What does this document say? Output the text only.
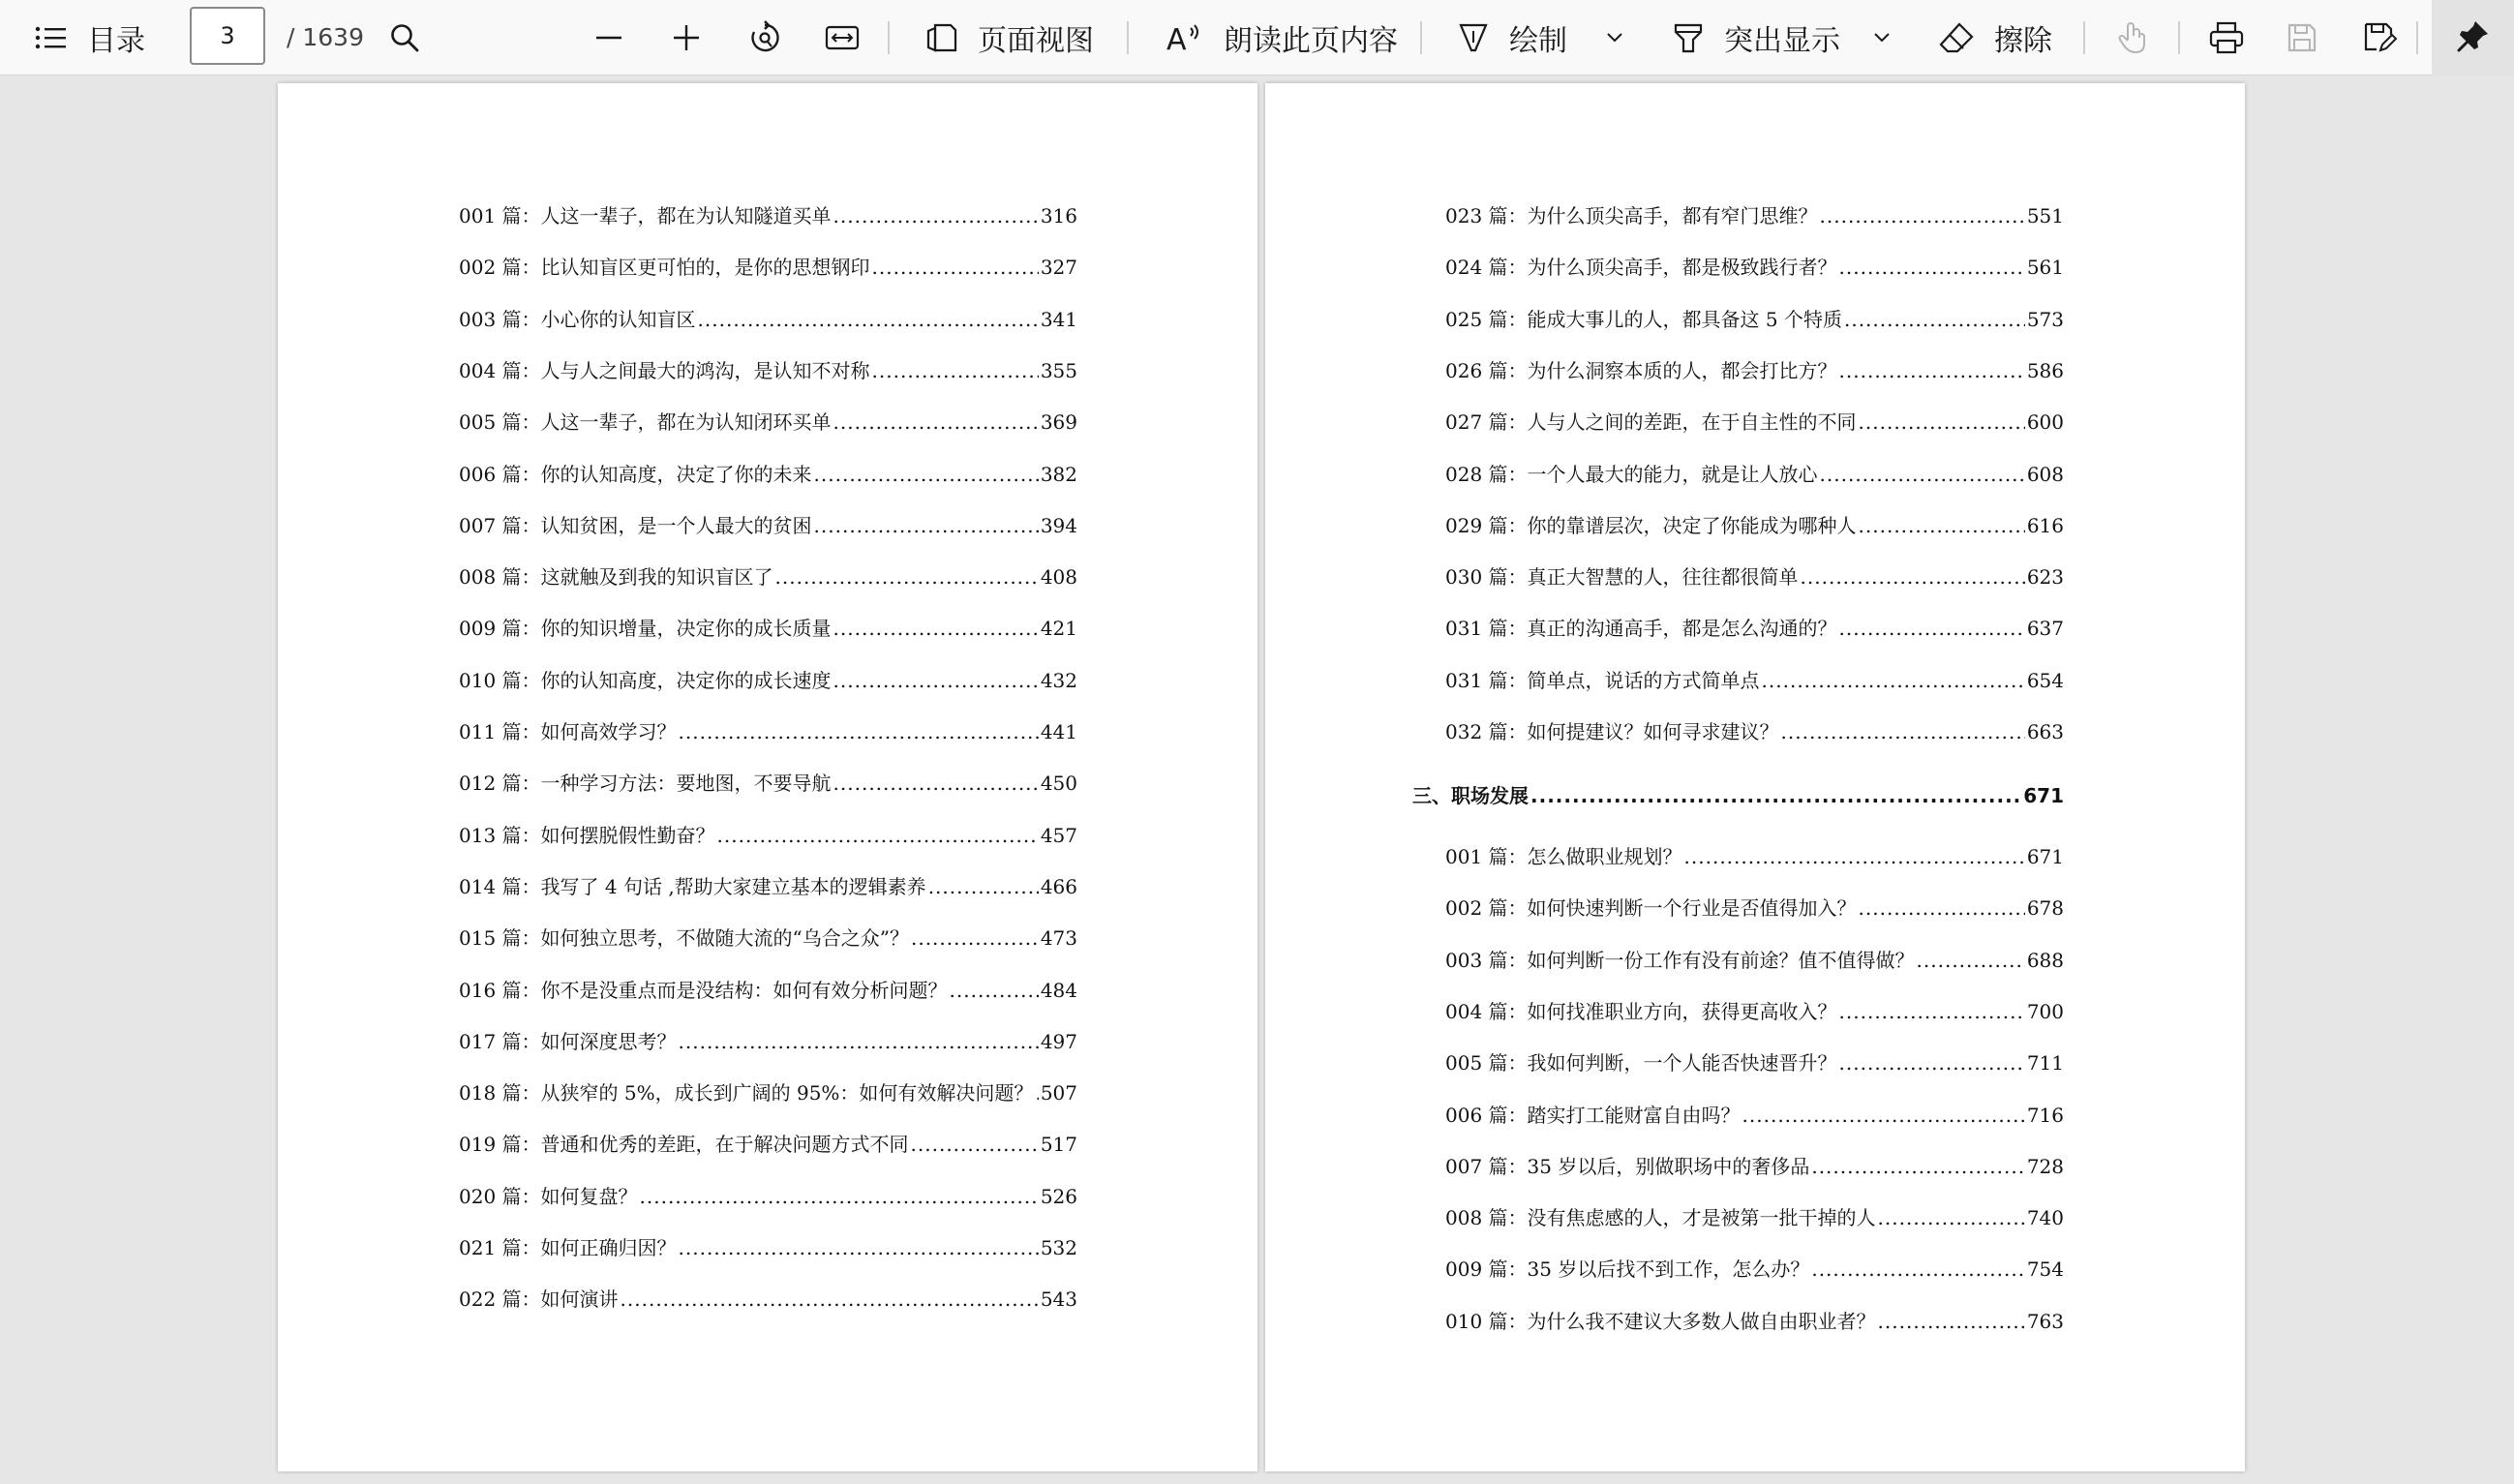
目录
3	/ 1639	页面视图	A 朗读此页内容	绘制	突出显示	擦除
001 篇：人这一辈子，都在为认知隧道买单 .....	316
002 篇：比认知盲区更可怕的，是你的思想钢印 .....	327
003 篇：小心你的认知盲区 .....	341
004 篇：人与人之间最大的鸿沟，是认知不对称 .....	355
005 篇：人这一辈子，都在为认知闭环买单 .....	369
006 篇：你的认知高度，决定了你的未来 .....	382
007 篇：认知贫困，是一个人最大的贫困 .....	394
008 篇：这就触及到我的知识盲区了 .....	408
009 篇：你的知识增量，决定你的成长质量 .....	421
010 篇：你的认知高度，决定你的成长速度 .....	432
011 篇：如何高效学习？ .....	441
012 篇：一种学习方法：要地图，不要导航 .....	450
013 篇：如何摆脱假性勤奋？ .....	457
014 篇：我写了 4 句话 ,帮助大家建立基本的逻辑素养 .....	466
015 篇：如何独立思考，不做随大流的“乌合之众”？ .....	473
016 篇：你不是没重点而是没结构：如何有效分析问题？ .....	484
017 篇：如何深度思考？ .....	497
018 篇：从狭窄的 5%，成长到广阔的 95%：如何有效解决问题？ ..... 507
019 篇：普通和优秀的差距，在于解决问题方式不同 .....	517
020 篇：如何复盘？ .....	526
021 篇：如何正确归因？ .....	532
022 篇：如何演讲 .....	543
023 篇：为什么顶尖高手，都有窄门思维？ .....	551
024 篇：为什么顶尖高手，都是极致践行者？ .....	561
025 篇：能成大事儿的人，都具备这 5 个特质 .....	573
026 篇：为什么洞察本质的人，都会打比方？ .....	586
027 篇：人与人之间的差距，在于自主性的不同 .....	600
028 篇：一个人最大的能力，就是让人放心 .....	608
029 篇：你的靠谱层次，决定了你能成为哪种人 .....	616
030 篇：真正大智慧的人，往往都很简单 .....	623
031 篇：真正的沟通高手，都是怎么沟通的？ .....	637
031 篇：简单点，说话的方式简单点 .....	654
032 篇：如何提建议？如何寻求建议？ .....	663
三、职场发展 .....	671
001 篇：怎么做职业规划？ .....	671
002 篇：如何快速判断一个行业是否值得加入？ .....	678
003 篇：如何判断一份工作有没有前途？值不值得做？ .....	688
004 篇：如何找准职业方向，获得更高收入？ .....	700
005 篇：我如何判断，一个人能否快速晋升？ .....	711
006 篇：踏实打工能财富自由吗？ .....	716
007 篇：35 岁以后，别做职场中的奢侈品 .....	728
008 篇：没有焦虑感的人，才是被第一批干掉的人 .....	740
009 篇：35 岁以后找不到工作，怎么办？ .....	754
010 篇：为什么我不建议大多数人做自由职业者？ .....	763
